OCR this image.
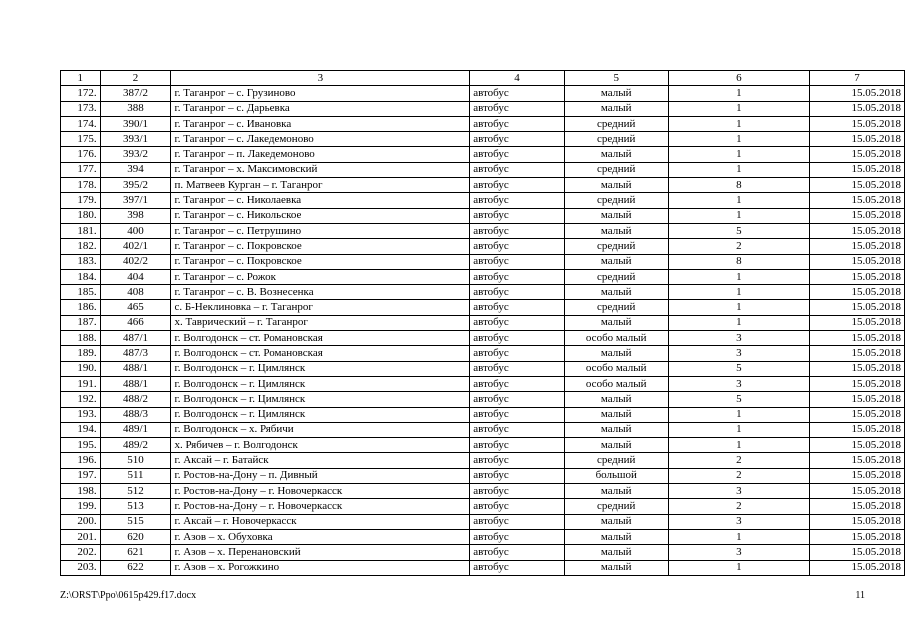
1	2	3	4	5	6	7
172.	387/2	г. Таганрог – с. Грузиново	автобус	малый	1	15.05.2018
173.	388	г. Таганрог – с. Дарьевка	автобус	малый	1	15.05.2018
174.	390/1	г. Таганрог – с. Ивановка	автобус	средний	1	15.05.2018
175.	393/1	г. Таганрог – с. Лакедемоново	автобус	средний	1	15.05.2018
176.	393/2	г. Таганрог – п. Лакедемоново	автобус	малый	1	15.05.2018
177.	394	г. Таганрог – х. Максимовский	автобус	средний	1	15.05.2018
178.	395/2	п. Матвеев Курган – г. Таганрог	автобус	малый	8	15.05.2018
179.	397/1	г. Таганрог – с. Николаевка	автобус	средний	1	15.05.2018
180.	398	г. Таганрог – с. Никольское	автобус	малый	1	15.05.2018
181.	400	г. Таганрог – с. Петрушино	автобус	малый	5	15.05.2018
182.	402/1	г. Таганрог – с. Покровское	автобус	средний	2	15.05.2018
183.	402/2	г. Таганрог – с. Покровское	автобус	малый	8	15.05.2018
184.	404	г. Таганрог – с. Рожок	автобус	средний	1	15.05.2018
185.	408	г. Таганрог – с. В. Вознесенка	автобус	малый	1	15.05.2018
186.	465	с. Б-Неклиновка – г. Таганрог	автобус	средний	1	15.05.2018
187.	466	х. Таврический – г. Таганрог	автобус	малый	1	15.05.2018
188.	487/1	г. Волгодонск – ст. Романовская	автобус	особо малый	3	15.05.2018
189.	487/3	г. Волгодонск – ст. Романовская	автобус	малый	3	15.05.2018
190.	488/1	г. Волгодонск – г. Цимлянск	автобус	особо малый	5	15.05.2018
191.	488/1	г. Волгодонск – г. Цимлянск	автобус	особо малый	3	15.05.2018
192.	488/2	г. Волгодонск – г. Цимлянск	автобус	малый	5	15.05.2018
193.	488/3	г. Волгодонск – г. Цимлянск	автобус	малый	1	15.05.2018
194.	489/1	г. Волгодонск – х. Рябичи	автобус	малый	1	15.05.2018
195.	489/2	х. Рябичев – г. Волгодонск	автобус	малый	1	15.05.2018
196.	510	г. Аксай – г. Батайск	автобус	средний	2	15.05.2018
197.	511	г. Ростов-на-Дону – п. Дивный	автобус	большой	2	15.05.2018
198.	512	г. Ростов-на-Дону – г. Новочеркасск	автобус	малый	3	15.05.2018
199.	513	г. Ростов-на-Дону – г. Новочеркасск	автобус	средний	2	15.05.2018
200.	515	г. Аксай – г. Новочеркасск	автобус	малый	3	15.05.2018
201.	620	г. Азов – х. Обуховка	автобус	малый	1	15.05.2018
202.	621	г. Азов – х. Перенановский	автобус	малый	3	15.05.2018
203.	622	г. Азов – х. Рогожкино	автобус	малый	1	15.05.2018
Z:\ORST\Ppo\0615p429.f17.docx	11
